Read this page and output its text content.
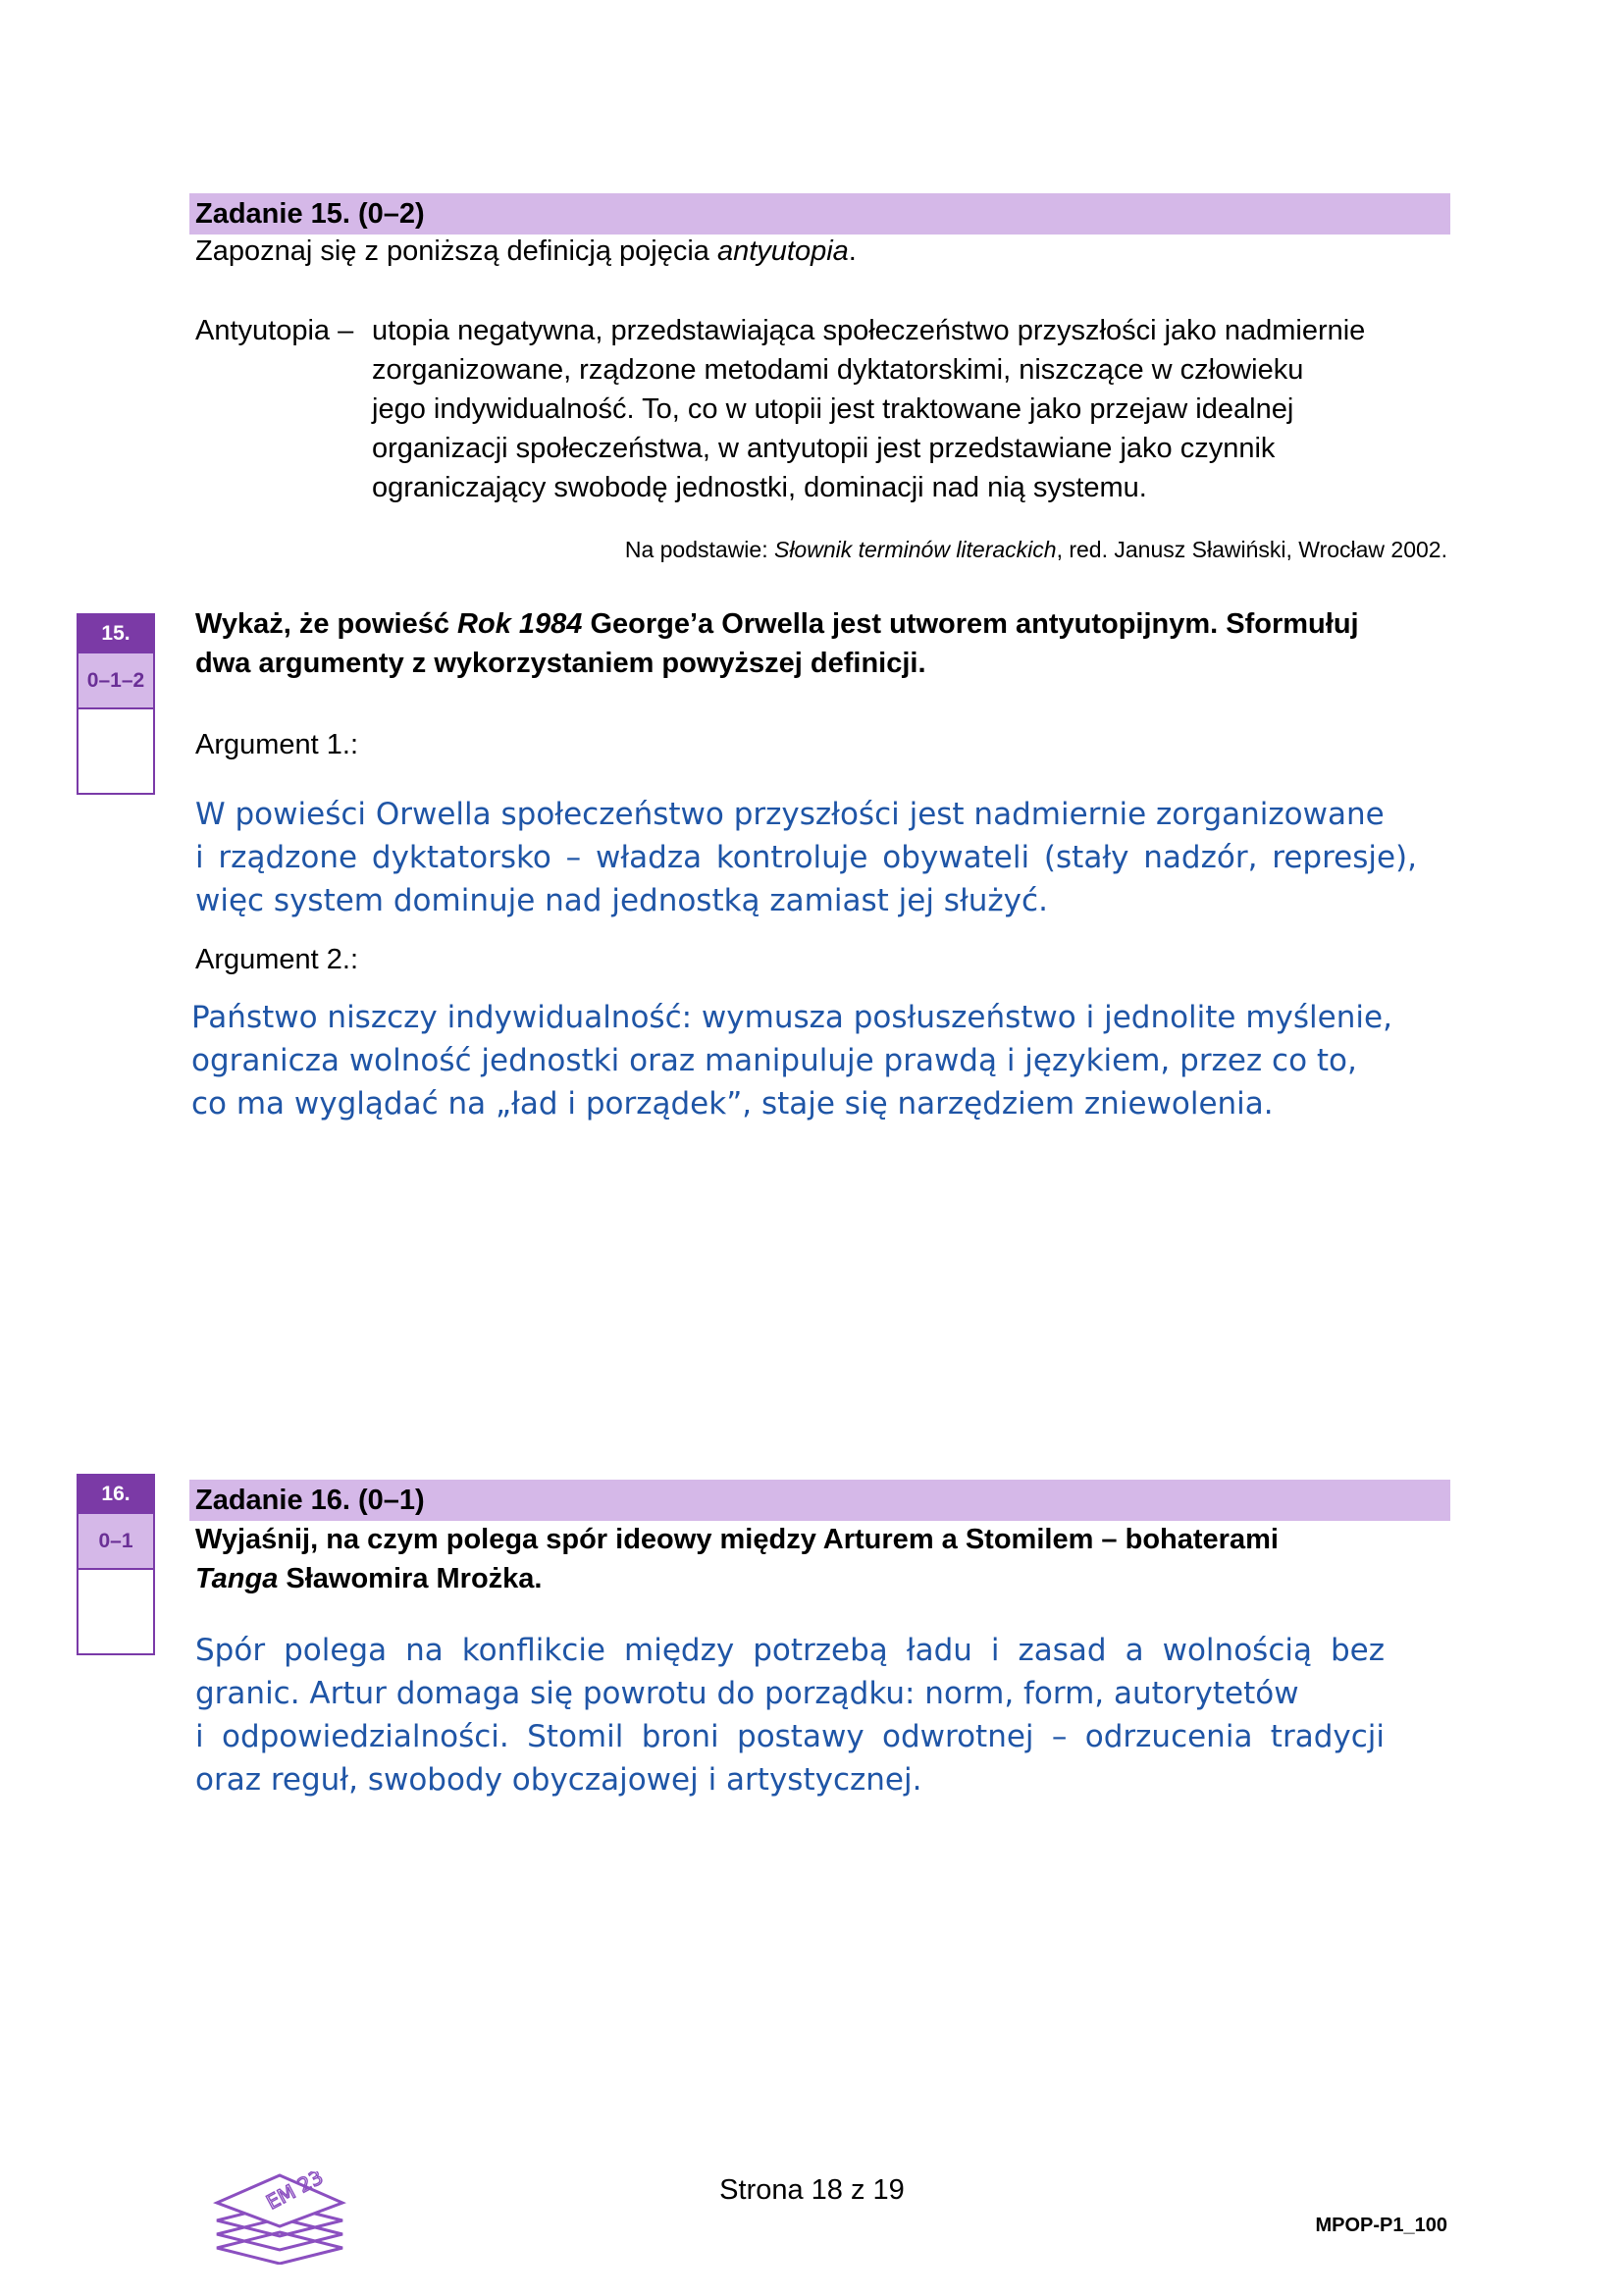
Zadanie 15. (0–2)
Zapoznaj się z poniższą definicją pojęcia antyutopia.
Antyutopia – utopia negatywna, przedstawiająca społeczeństwo przyszłości jako nadmiernie
zorganizowane, rządzone metodami dyktatorskimi, niszczące w człowieku
jego indywidualność. To, co w utopii jest traktowane jako przejaw idealnej
organizacji społeczeństwa, w antyutopii jest przedstawiane jako czynnik
ograniczający swobodę jednostki, dominacji nad nią systemu.
Na podstawie: Słownik terminów literackich, red. Janusz Sławiński, Wrocław 2002.
15.
0–1–2
Wykaż, że powieść Rok 1984 George’a Orwella jest utworem antyutopijnym. Sformułuj
dwa argumenty z wykorzystaniem powyższej definicji.
Argument 1.:
W powieści Orwella społeczeństwo przyszłości jest nadmiernie zorganizowane
i rządzone dyktatorsko – władza kontroluje obywateli (stały nadzór, represje),
więc system dominuje nad jednostką zamiast jej służyć.
Argument 2.:
Państwo niszczy indywidualność: wymusza posłuszeństwo i jednolite myślenie,
ogranicza wolność jednostki oraz manipuluje prawdą i językiem, przez co to,
co ma wyglądać na „ład i porządek”, staje się narzędziem zniewolenia.
16.
0–1
Zadanie 16. (0–1)
Wyjaśnij, na czym polega spór ideowy między Arturem a Stomilem – bohaterami
Tanga Sławomira Mrożka.
Spór polega na konflikcie między potrzebą ładu i zasad a wolnością bez
granic. Artur domaga się powrotu do porządku: norm, form, autorytetów
i odpowiedzialności. Stomil broni postawy odwrotnej – odrzucenia tradycji
oraz reguł, swobody obyczajowej i artystycznej.
EM 23	Strona 18 z 19
MPOP-P1_100
